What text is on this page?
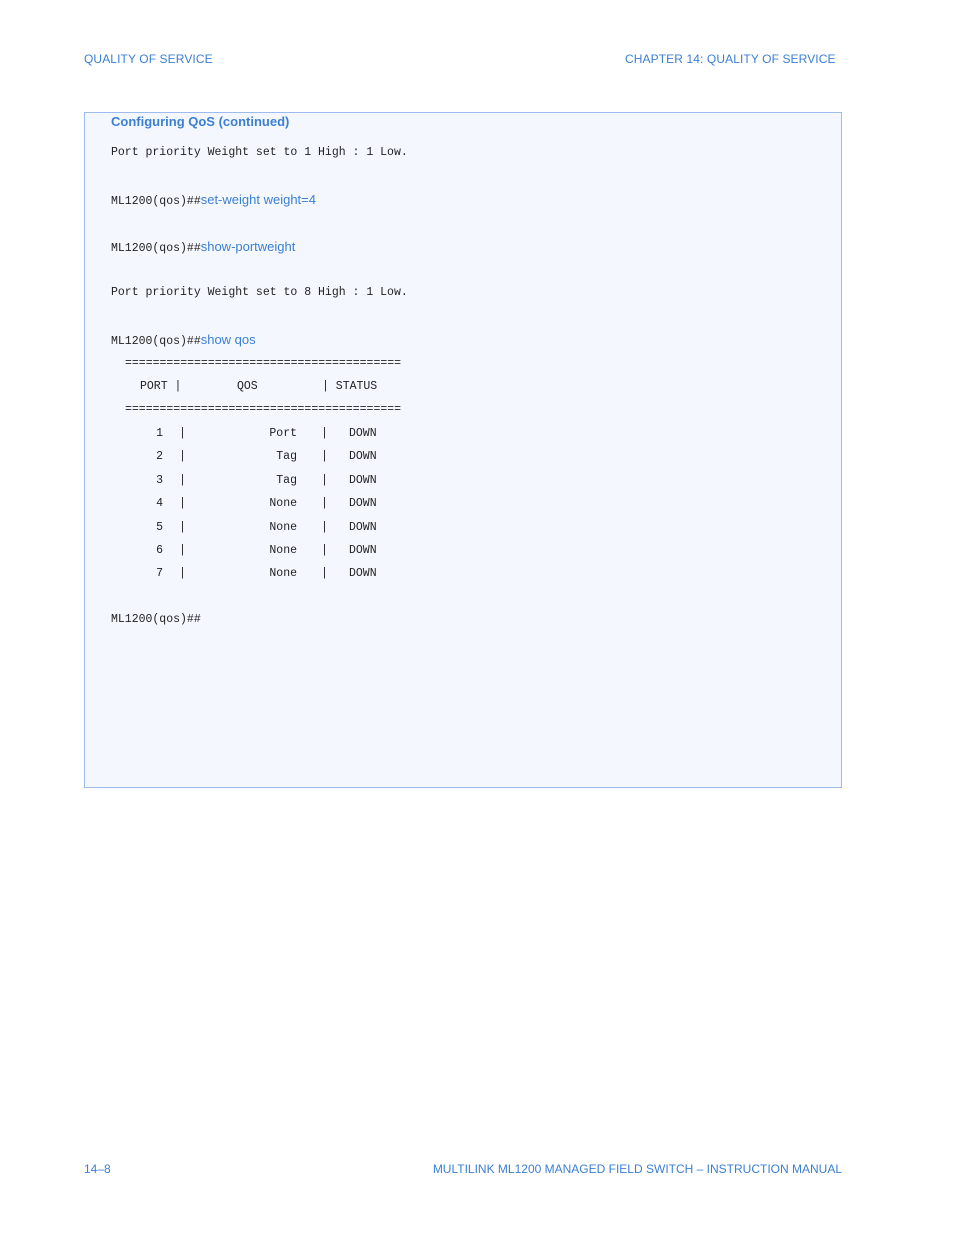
QUALITY OF SERVICE	CHAPTER 14: QUALITY OF SERVICE
Configuring QoS (continued)
Port priority Weight set to 1 High : 1 Low.
ML1200(qos)##set-weight weight=4
ML1200(qos)##show-portweight
Port priority Weight set to 8 High : 1 Low.
ML1200(qos)##show qos
========================================
PORT |	QOS	| STATUS
========================================
1 |	Port | DOWN
2 |	Tag | DOWN
3 |	Tag | DOWN
4 |	None | DOWN
5 |	None | DOWN
6 |	None | DOWN
7 |	None | DOWN
ML1200(qos)##
14–8	MULTILINK ML1200 MANAGED FIELD SWITCH – INSTRUCTION MANUAL
